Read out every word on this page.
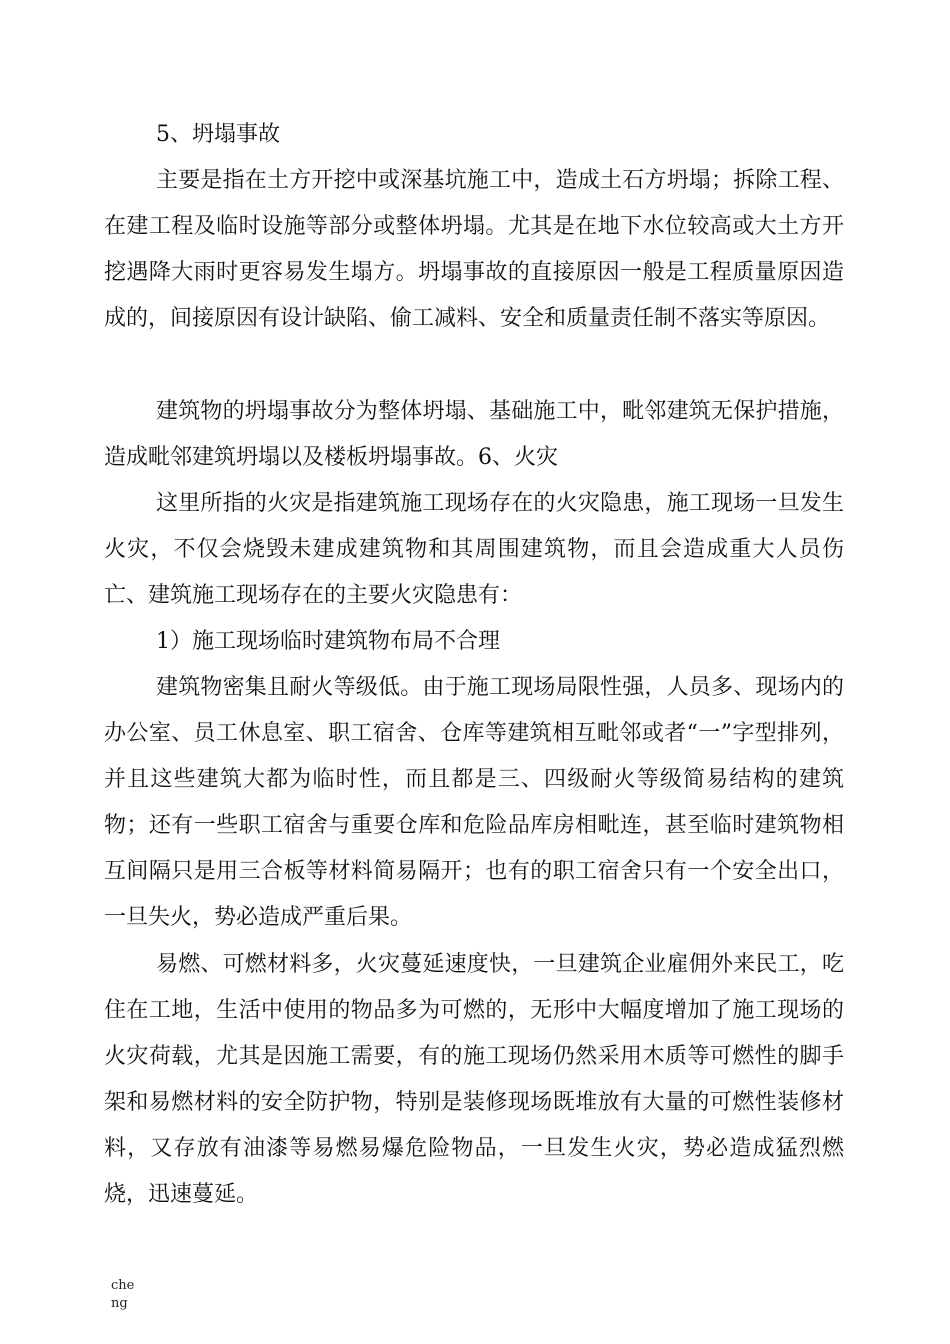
5、坍塌事故

主要是指在土方开挖中或深基坑施工中，造成土石方坍塌；拆除工程、在建工程及临时设施等部分或整体坍塌。尤其是在地下水位较高或大土方开挖遇降大雨时更容易发生塌方。坍塌事故的直接原因一般是工程质量原因造成的，间接原因有设计缺陷、偷工减料、安全和质量责任制不落实等原因。

建筑物的坍塌事故分为整体坍塌、基础施工中，毗邻建筑无保护措施，造成毗邻建筑坍塌以及楼板坍塌事故。6、火灾

这里所指的火灾是指建筑施工现场存在的火灾隐患，施工现场一旦发生火灾，不仅会烧毁未建成建筑物和其周围建筑物，而且会造成重大人员伤亡、建筑施工现场存在的主要火灾隐患有：

1）施工现场临时建筑物布局不合理

建筑物密集且耐火等级低。由于施工现场局限性强，人员多、现场内的办公室、员工休息室、职工宿舍、仓库等建筑相互毗邻或者“一”字型排列，并且这些建筑大都为临时性，而且都是三、四级耐火等级简易结构的建筑物；还有一些职工宿舍与重要仓库和危险品库房相毗连，甚至临时建筑物相互间隔只是用三合板等材料简易隔开；也有的职工宿舍只有一个安全出口，一旦失火，势必造成严重后果。

易燃、可燃材料多，火灾蔓延速度快，一旦建筑企业雇佣外来民工，吃住在工地，生活中使用的物品多为可燃的，无形中大幅度增加了施工现场的火灾荷载，尤其是因施工需要，有的施工现场仍然采用木质等可燃性的脚手架和易燃材料的安全防护物，特别是装修现场既堆放有大量的可燃性装修材料，又存放有油漆等易燃易爆危险物品，一旦发生火灾，势必造成猛烈燃烧，迅速蔓延。

cheng
